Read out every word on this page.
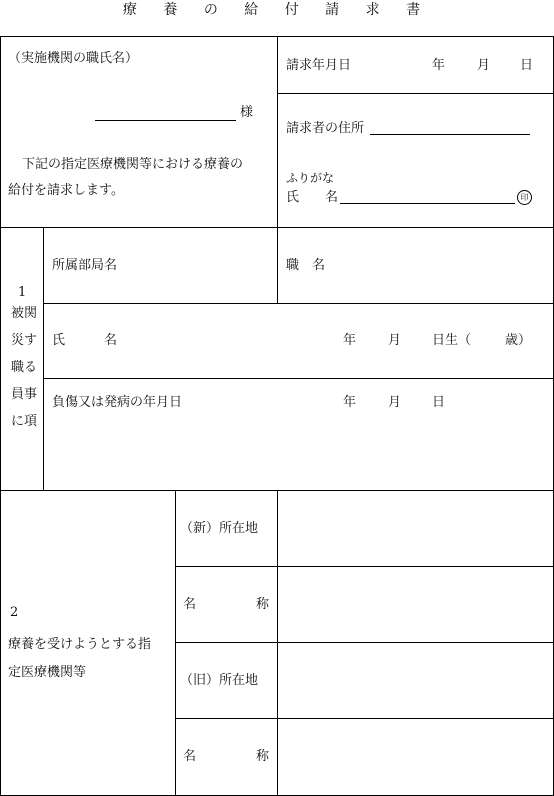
療 養 の 給 付 請 求 書
（実施機関の職氏名）
様
下記の指定医療機関等における療養の
給付を請求します。
請求年月日	年 月 日
請求者の住所
ふりがな
氏　　名	印
1
被関
災す
職る
員事
に項
所属部局名	職　名
氏　　　名	年 月 日生（	歳）
負傷又は発病の年月日	年 月 日
2
療養を受けようとする指
定医療機関等
（新）所在地
名	称
（旧）所在地
名	称
